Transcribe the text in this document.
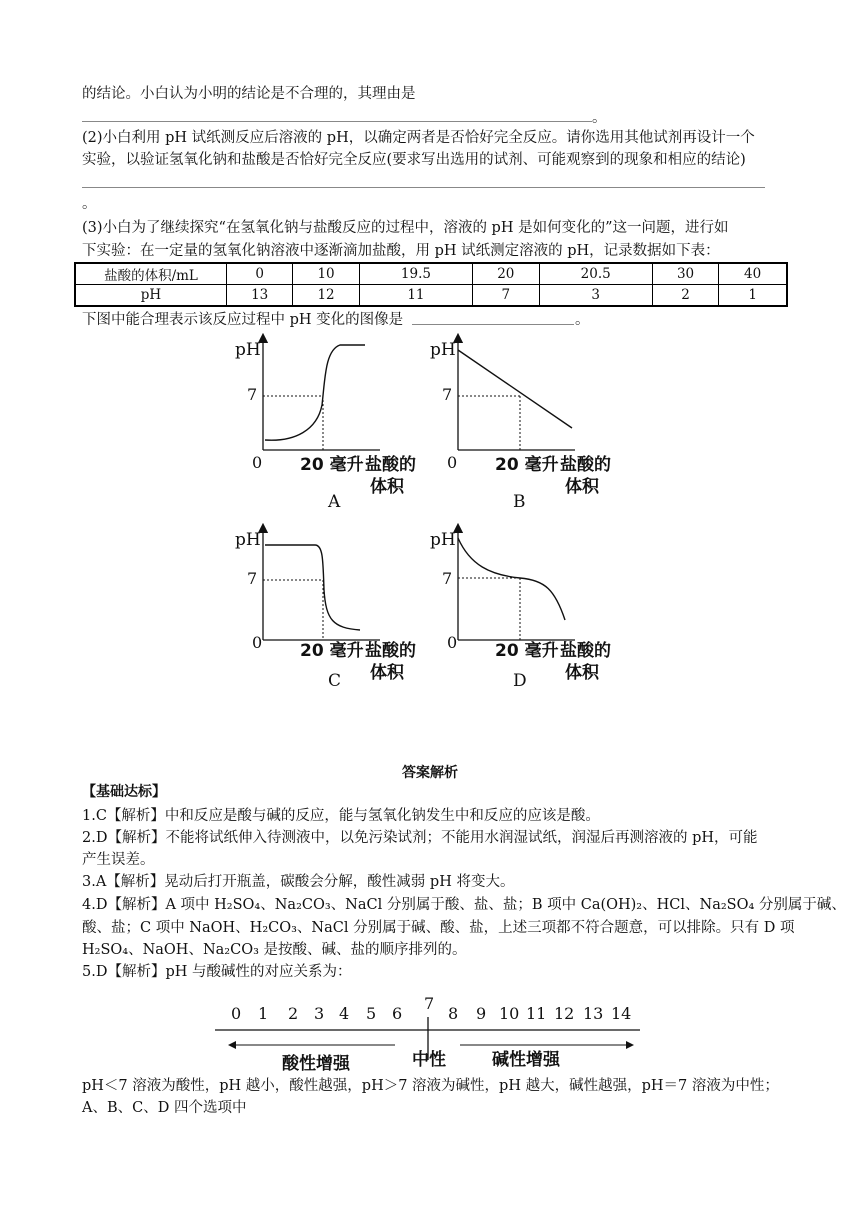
的结论。小白认为小明的结论是不合理的，其理由是
。
(2)小白利用 pH 试纸测反应后溶液的 pH，以确定两者是否恰好完全反应。请你选用其他试剂再设计一个
实验，以验证氢氧化钠和盐酸是否恰好完全反应(要求写出选用的试剂、可能观察到的现象和相应的结论)
。
(3)小白为了继续探究“在氢氧化钠与盐酸反应的过程中，溶液的 pH 是如何变化的”这一问题，进行如
下实验：在一定量的氢氧化钠溶液中逐渐滴加盐酸，用 pH 试纸测定溶液的 pH，记录数据如下表：
盐酸的体积/mL	0	10	19.5	20	20.5	30	40
pH	13	12	11	7	3	2	1
下图中能合理表示该反应过程中 pH 变化的图像是	。
pH
7
0 20 毫升 盐酸的
体积
A
pH
7
0 20 毫升 盐酸的
体积
B
pH
7
0 20 毫升 盐酸的
体积
C
pH
7
0 20 毫升 盐酸的
体积
D
答案解析
【基础达标】
1.C【解析】中和反应是酸与碱的反应，能与氢氧化钠发生中和反应的应该是酸。
2.D【解析】不能将试纸伸入待测液中，以免污染试剂；不能用水润湿试纸，润湿后再测溶液的 pH，可能
产生误差。
3.A【解析】晃动后打开瓶盖，碳酸会分解，酸性减弱 pH 将变大。
4.D【解析】A 项中 H₂SO₄、Na₂CO₃、NaCl 分别属于酸、盐、盐；B 项中 Ca(OH)₂、HCl、Na₂SO₄ 分别属于碱、
酸、盐；C 项中 NaOH、H₂CO₃、NaCl 分别属于碱、酸、盐，上述三项都不符合题意，可以排除。只有 D 项
H₂SO₄、NaOH、Na₂CO₃ 是按酸、碱、盐的顺序排列的。
5.D【解析】pH 与酸碱性的对应关系为：
0 1 2 3 4 5 6
7
8 9 10 11 12 13 14
酸性增强	中性	碱性增强
pH＜7 溶液为酸性，pH 越小，酸性越强，pH＞7 溶液为碱性，pH 越大，碱性越强，pH＝7 溶液为中性；
A、B、C、D 四个选项中
